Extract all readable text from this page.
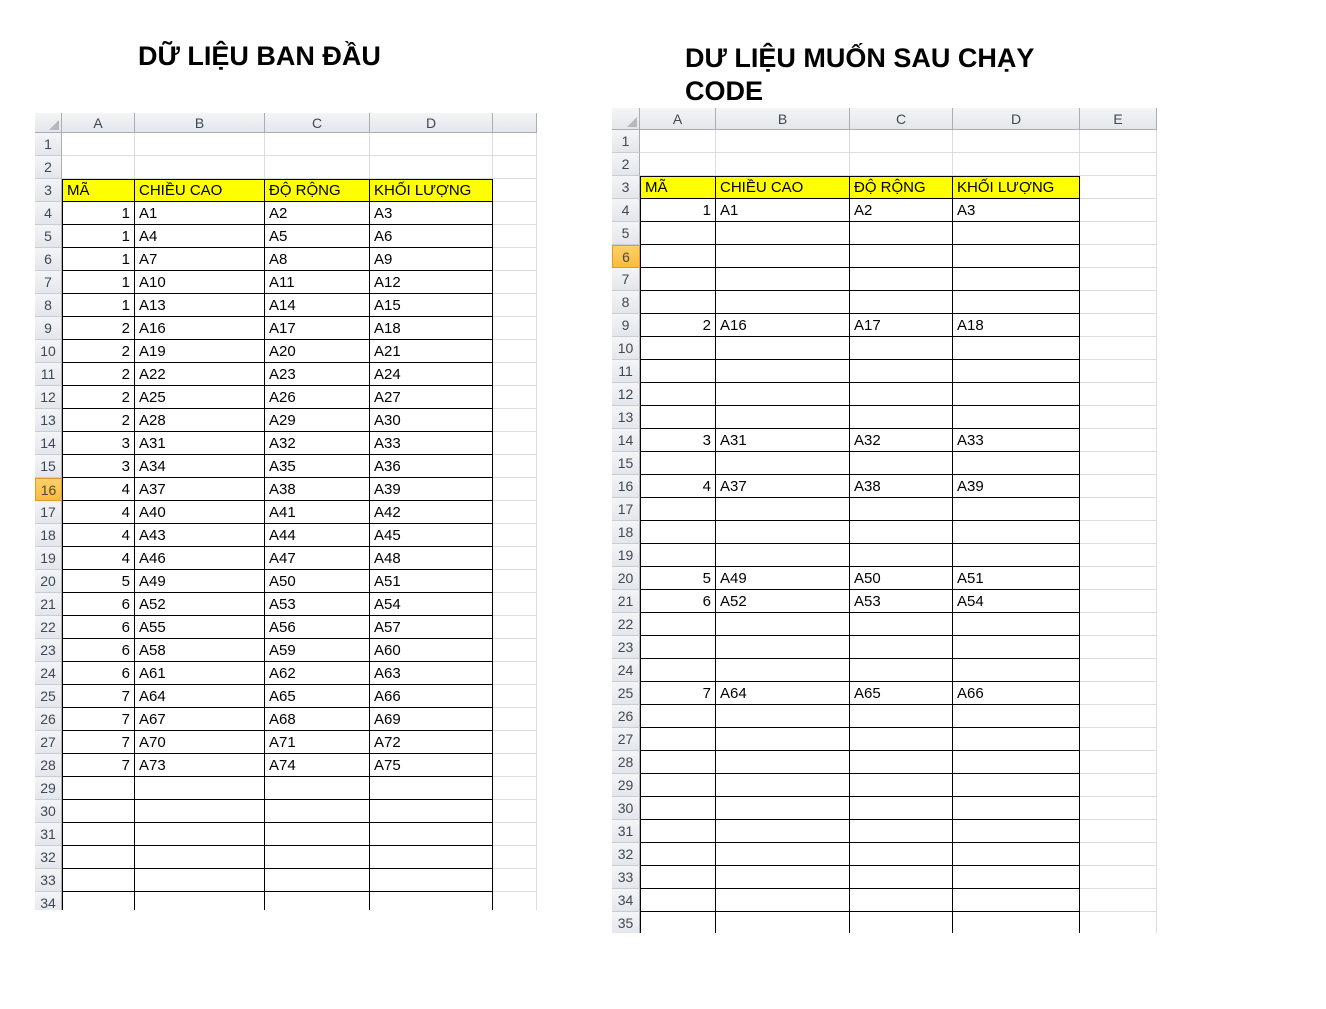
DỮ LIỆU BAN ĐẦU	DƯ LIỆU MUỐN SAU CHẠY CODE
A	B	C	D
1
2
3	MÃ	CHIỀU CAO	ĐỘ RỘNG	KHỐI LƯỢNG
4	1 A1	A2	A3
5	1 A4	A5	A6
6	1 A7	A8	A9
7	1 A10	A11	A12
8	1 A13	A14	A15
9	2 A16	A17	A18
10	2 A19	A20	A21
11	2 A22	A23	A24
12	2 A25	A26	A27
13	2 A28	A29	A30
14	3 A31	A32	A33
15	3 A34	A35	A36
16	4 A37	A38	A39
17	4 A40	A41	A42
18	4 A43	A44	A45
19	4 A46	A47	A48
20	5 A49	A50	A51
21	6 A52	A53	A54
22	6 A55	A56	A57
23	6 A58	A59	A60
24	6 A61	A62	A63
25	7 A64	A65	A66
26	7 A67	A68	A69
27	7 A70	A71	A72
28	7 A73	A74	A75
29
30
31
32
33
34
A	B	C	D	E
1
2
3	MÃ	CHIỀU CAO	ĐỘ RỘNG	KHỐI LƯỢNG
4	1 A1	A2	A3
5
6
7
8
9	2 A16	A17	A18
10
11
12
13
14	3 A31	A32	A33
15
16	4 A37	A38	A39
17
18
19
20	5 A49	A50	A51
21	6 A52	A53	A54
22
23
24
25	7 A64	A65	A66
26
27
28
29
30
31
32
33
34
35
